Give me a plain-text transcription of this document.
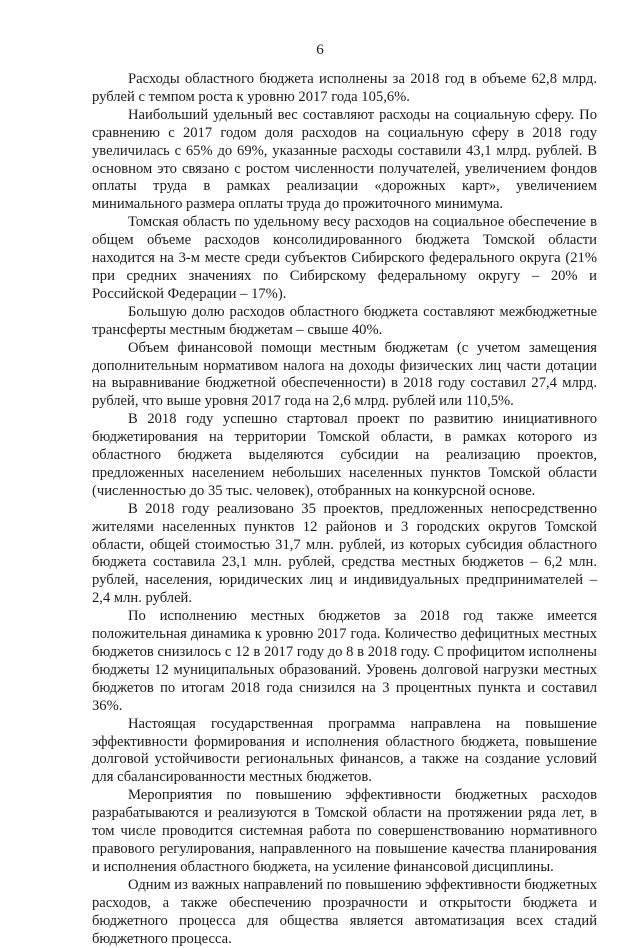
6

Расходы областного бюджета исполнены за 2018 год в объеме 62,8 млрд. рублей с темпом роста к уровню 2017 года 105,6%.

Наибольший удельный вес составляют расходы на социальную сферу. По сравнению с 2017 годом доля расходов на социальную сферу в 2018 году увеличилась с 65% до 69%, указанные расходы составили 43,1 млрд. рублей. В основном это связано с ростом численности получателей, увеличением фондов оплаты труда в рамках реализации «дорожных карт», увеличением минимального размера оплаты труда до прожиточного минимума.

Томская область по удельному весу расходов на социальное обеспечение в общем объеме расходов консолидированного бюджета Томской области находится на 3-м месте среди субъектов Сибирского федерального округа (21% при средних значениях по Сибирскому федеральному округу – 20% и Российской Федерации – 17%).

Большую долю расходов областного бюджета составляют межбюджетные трансферты местным бюджетам – свыше 40%.

Объем финансовой помощи местным бюджетам (с учетом замещения дополнительным нормативом налога на доходы физических лиц части дотации на выравнивание бюджетной обеспеченности) в 2018 году составил 27,4 млрд. рублей, что выше уровня 2017 года на 2,6 млрд. рублей или 110,5%.

В 2018 году успешно стартовал проект по развитию инициативного бюджетирования на территории Томской области, в рамках которого из областного бюджета выделяются субсидии на реализацию проектов, предложенных населением небольших населенных пунктов Томской области (численностью до 35 тыс. человек), отобранных на конкурсной основе.

В 2018 году реализовано 35 проектов, предложенных непосредственно жителями населенных пунктов 12 районов и 3 городских округов Томской области, общей стоимостью 31,7 млн. рублей, из которых субсидия областного бюджета составила 23,1 млн. рублей, средства местных бюджетов – 6,2 млн. рублей, населения, юридических лиц и индивидуальных предпринимателей – 2,4 млн. рублей.

По исполнению местных бюджетов за 2018 год также имеется положительная динамика к уровню 2017 года. Количество дефицитных местных бюджетов снизилось с 12 в 2017 году до 8 в 2018 году. С профицитом исполнены бюджеты 12 муниципальных образований. Уровень долговой нагрузки местных бюджетов по итогам 2018 года снизился на 3 процентных пункта и составил 36%.

Настоящая государственная программа направлена на повышение эффективности формирования и исполнения областного бюджета, повышение долговой устойчивости региональных финансов, а также на создание условий для сбалансированности местных бюджетов.

Мероприятия по повышению эффективности бюджетных расходов разрабатываются и реализуются в Томской области на протяжении ряда лет, в том числе проводится системная работа по совершенствованию нормативного правового регулирования, направленного на повышение качества планирования и исполнения областного бюджета, на усиление финансовой дисциплины.

Одним из важных направлений по повышению эффективности бюджетных расходов, а также обеспечению прозрачности и открытости бюджета и бюджетного процесса для общества является автоматизация всех стадий бюджетного процесса.
